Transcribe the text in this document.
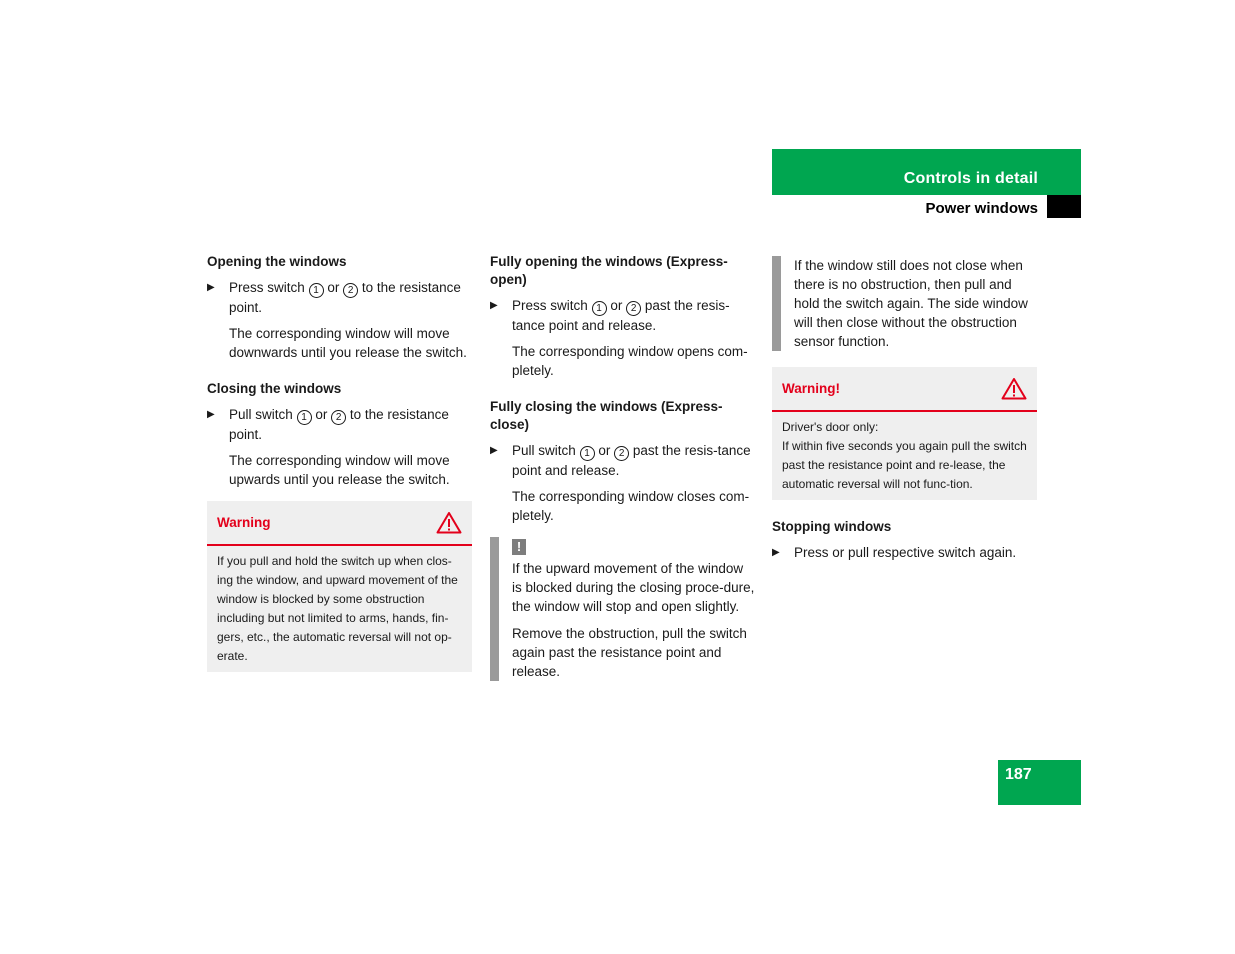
Controls in detail
Power windows
Opening the windows
▶ Press switch 1 or 2 to the resistance point.

The corresponding window will move downwards until you release the switch.

Closing the windows
▶ Pull switch 1 or 2 to the resistance point.

The corresponding window will move upwards until you release the switch.

Warning
If you pull and hold the switch up when clos-ing the window, and upward movement of the window is blocked by some obstruction including but not limited to arms, hands, fin-gers, etc., the automatic reversal will not op-erate.
Fully opening the windows (Express-open)
▶ Press switch 1 or 2 past the resis-tance point and release.

The corresponding window opens com-pletely.

Fully closing the windows (Express-close)
▶ Pull switch 1 or 2 past the resis-tance point and release.

The corresponding window closes com-pletely.

!

If the upward movement of the window is blocked during the closing proce-dure, the window will stop and open slightly.

Remove the obstruction, pull the switch again past the resistance point and release.

If the window still does not close when there is no obstruction, then pull and hold the switch again. The side window will then close without the obstruction sensor function.

Warning!
Driver's door only:
If within five seconds you again pull the switch past the resistance point and re-lease, the automatic reversal will not func-tion.
Stopping windows
▶ Press or pull respective switch again.
187
